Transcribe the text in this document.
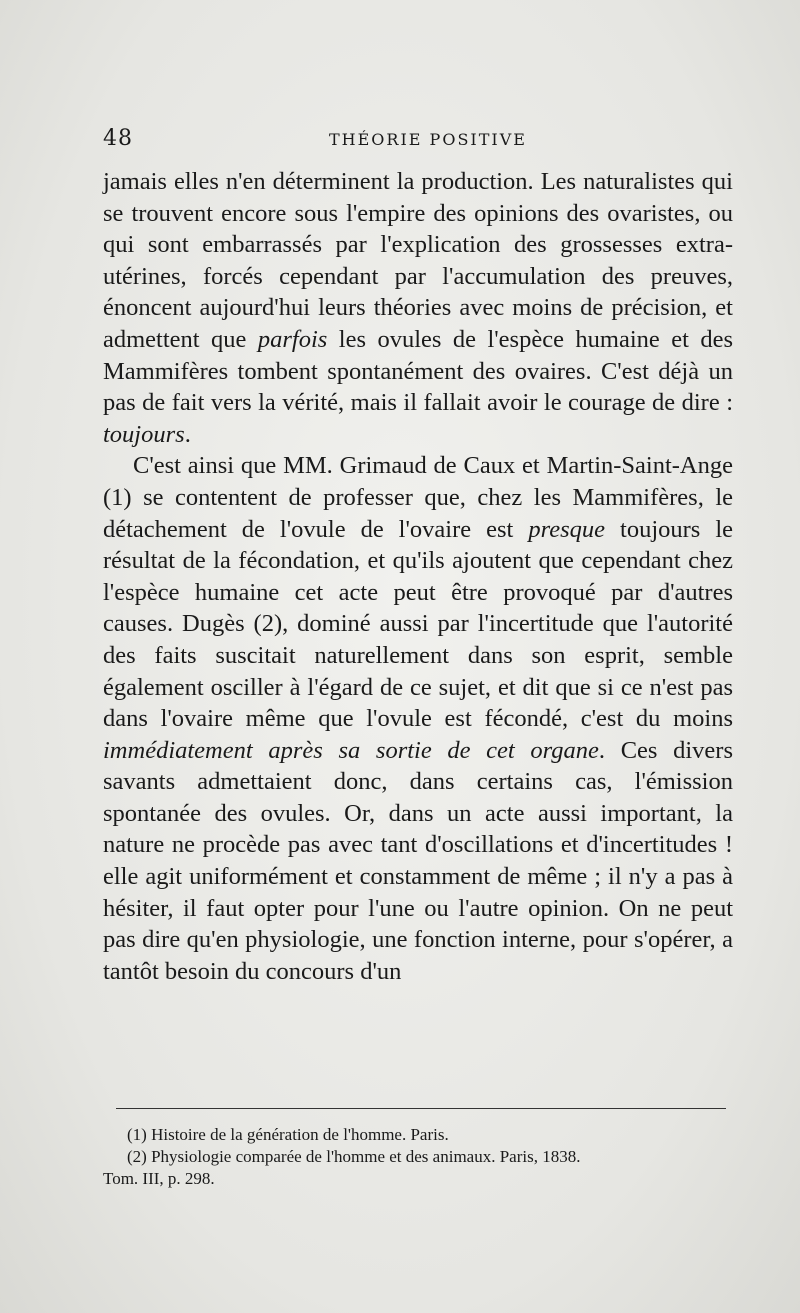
48	THÉORIE POSITIVE

jamais elles n'en déterminent la production. Les naturalistes qui se trouvent encore sous l'empire des opinions des ovaristes, ou qui sont embarrassés par l'explication des grossesses extra-utérines, forcés cependant par l'accumulation des preuves, énoncent aujourd'hui leurs théories avec moins de précision, et admettent que parfois les ovules de l'espèce humaine et des Mammifères tombent spontanément des ovaires. C'est déjà un pas de fait vers la vérité, mais il fallait avoir le courage de dire : toujours.

C'est ainsi que MM. Grimaud de Caux et Martin-Saint-Ange (1) se contentent de professer que, chez les Mammifères, le détachement de l'ovule de l'ovaire est presque toujours le résultat de la fécondation, et qu'ils ajoutent que cependant chez l'espèce humaine cet acte peut être provoqué par d'autres causes. Dugès (2), dominé aussi par l'incertitude que l'autorité des faits suscitait naturellement dans son esprit, semble également osciller à l'égard de ce sujet, et dit que si ce n'est pas dans l'ovaire même que l'ovule est fécondé, c'est du moins immédiatement après sa sortie de cet organe. Ces divers savants admettaient donc, dans certains cas, l'émission spontanée des ovules. Or, dans un acte aussi important, la nature ne procède pas avec tant d'oscillations et d'incertitudes ! elle agit uniformément et constamment de même ; il n'y a pas à hésiter, il faut opter pour l'une ou l'autre opinion. On ne peut pas dire qu'en physiologie, une fonction interne, pour s'opérer, a tantôt besoin du concours d'un

(1) Histoire de la génération de l'homme. Paris.

(2) Physiologie comparée de l'homme et des animaux. Paris, 1838.
Tom. III, p. 298.
